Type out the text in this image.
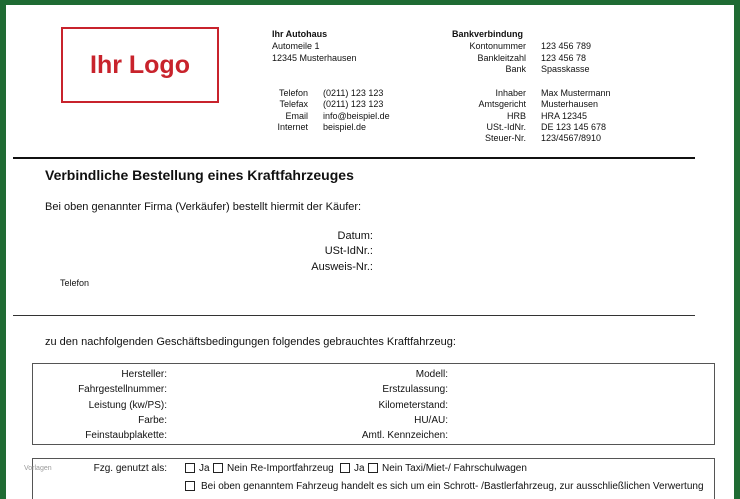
Ihr Logo
Ihr Autohaus
Automeile 1
12345 Musterhausen
Telefon (0211) 123 123
Telefax (0211) 123 123
Email info@beispiel.de
Internet beispiel.de
Bankverbindung
Kontonummer 123 456 789
Bankleitzahl 123 456 78
Bank Spasskasse
Inhaber Max Mustermann
Amtsgericht Musterhausen
HRB HRA 12345
USt.-IdNr. DE 123 145 678
Steuer-Nr. 123/4567/8910
Verbindliche Bestellung eines Kraftfahrzeuges
Bei oben genannter Firma (Verkäufer) bestellt hiermit der Käufer:
Datum:
USt-IdNr.:
Ausweis-Nr.:
Telefon
zu den nachfolgenden Geschäftsbedingungen folgendes gebrauchtes Kraftfahrzeug:
Hersteller:
Fahrgestellnummer:
Leistung (kw/PS):
Farbe:
Feinstaubplakette:
Modell:
Erstzulassung:
Kilometerstand:
HU/AU:
Amtl. Kennzeichen:
Fzg. genutzt als:	Ja Nein Re-Importfahrzeug Ja Nein Taxi/Miet-/ Fahrschulwagen
Bei oben genanntem Fahrzeug handelt es sich um ein Schrott- /Bastlerfahrzeug, zur ausschließlichen Verwertung
Vorlagen
